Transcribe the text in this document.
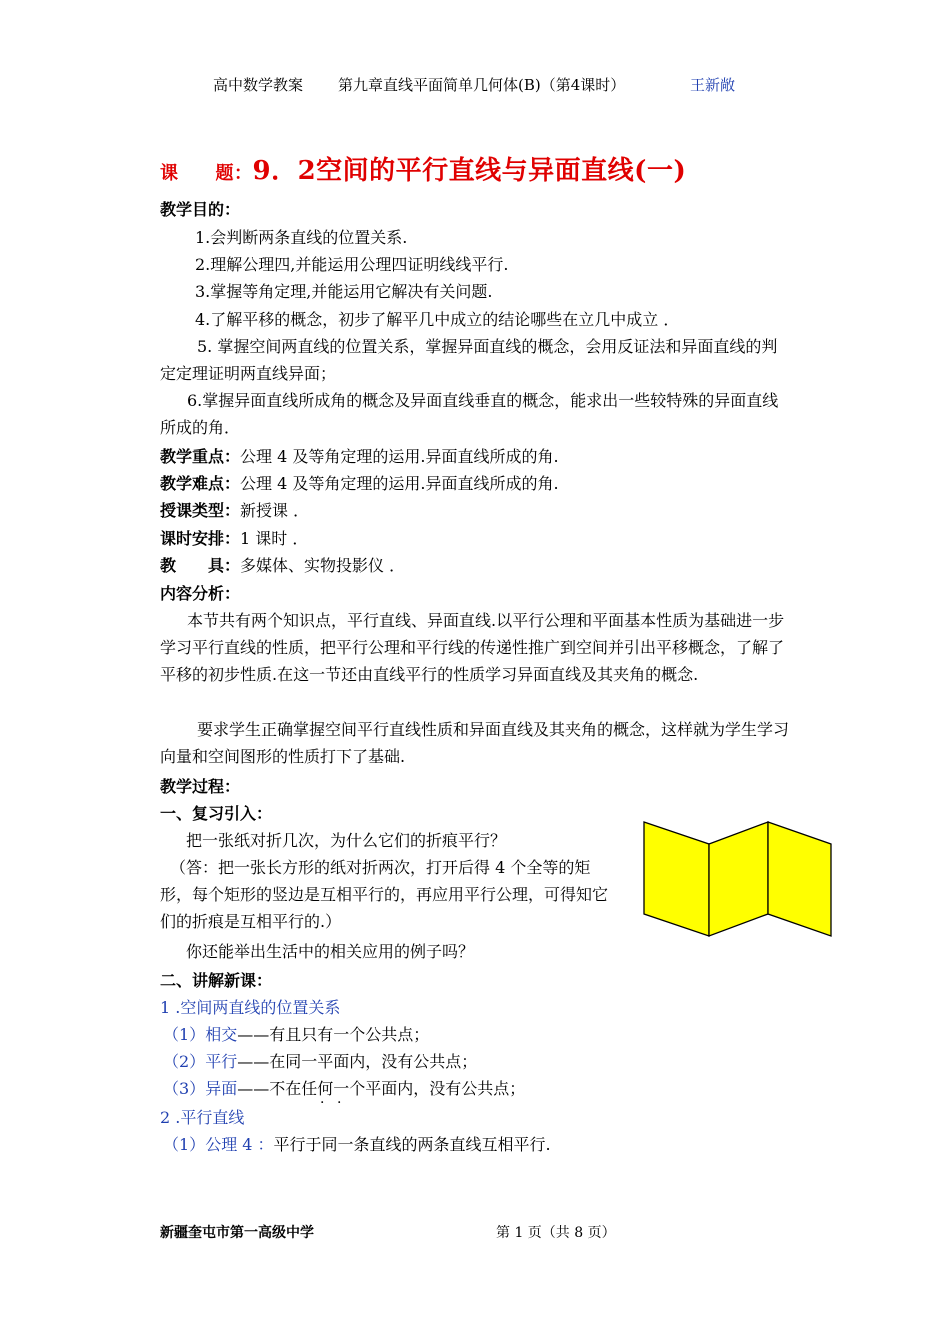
高中数学教案 第九章直线平面简单几何体(B)（第4课时）	王新敞
课　　题：9．2空间的平行直线与异面直线(一)
教学目的：
1.会判断两条直线的位置关系.
2.理解公理四,并能运用公理四证明线线平行.
3.掌握等角定理,并能运用它解决有关问题.
4.了解平移的概念，初步了解平几中成立的结论哪些在立几中成立 ．
5. 掌握空间两直线的位置关系，掌握异面直线的概念，会用反证法和异面直线的判定定理证明两直线异面；
6.掌握异面直线所成角的概念及异面直线垂直的概念，能求出一些较特殊的异面直线所成的角．
教学重点：公理 4 及等角定理的运用.异面直线所成的角.
教学难点：公理 4 及等角定理的运用.异面直线所成的角.
授课类型：新授课 ．
课时安排：1 课时 ．
教　　具：多媒体、实物投影仪 ．
内容分析：
本节共有两个知识点，平行直线、异面直线.以平行公理和平面基本性质为基础进一步学习平行直线的性质，把平行公理和平行线的传递性推广到空间并引出平移概念，了解了平移的初步性质.在这一节还由直线平行的性质学习异面直线及其夹角的概念.
要求学生正确掌握空间平行直线性质和异面直线及其夹角的概念，这样就为学生学习向量和空间图形的性质打下了基础.
教学过程：
一、复习引入：
把一张纸对折几次，为什么它们的折痕平行？
（答：把一张长方形的纸对折两次，打开后得 4 个全等的矩形，每个矩形的竖边是互相平行的，再应用平行公理，可得知它们的折痕是互相平行的.）
你还能举出生活中的相关应用的例子吗？
二、讲解新课：
1 .空间两直线的位置关系
（1）相交——有且只有一个公共点；
（2）平行——在同一平面内，没有公共点；
（3）异面——不在任何一个平面内，没有公共点；
· ·
2 .平行直线
（1）公理 4 ：平行于同一条直线的两条直线互相平行.
新疆奎屯市第一高级中学	第 1 页（共 8 页）
